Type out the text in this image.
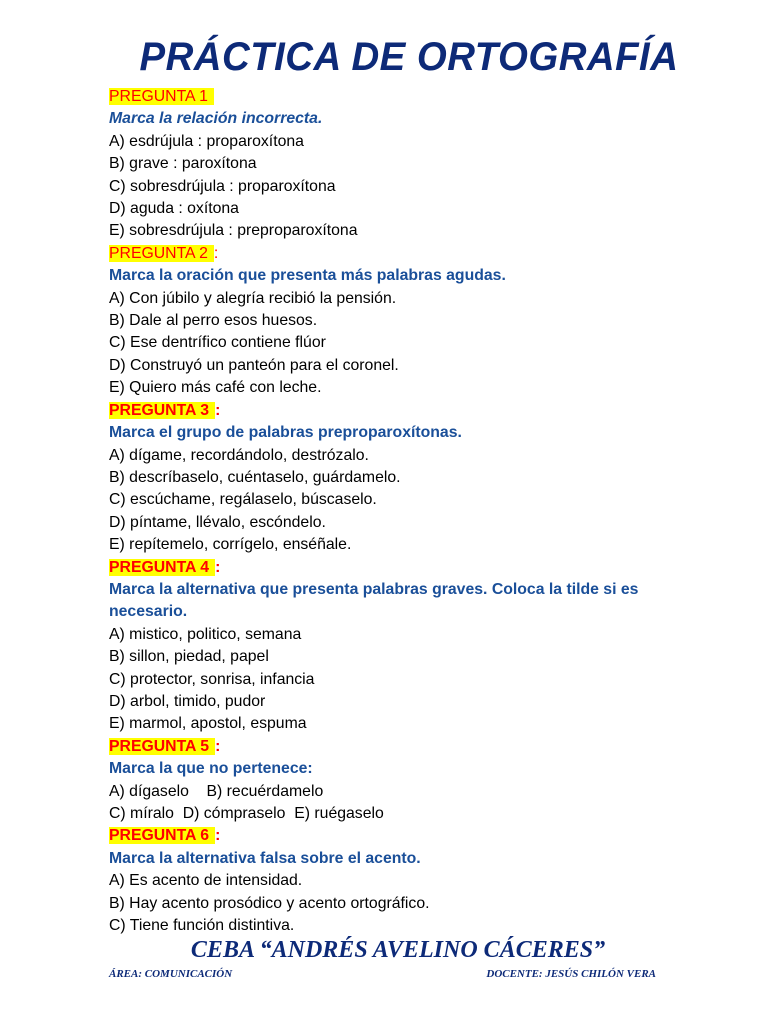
PRÁCTICA DE ORTOGRAFÍA
PREGUNTA 1
Marca la relación incorrecta.
A) esdrújula : proparoxítona
B) grave : paroxítona
C) sobresdrújula : proparoxítona
D) aguda : oxítona
E) sobresdrújula : preproparoxítona
PREGUNTA 2 :
Marca la oración que presenta más palabras agudas.
A) Con júbilo y alegría recibió la pensión.
B) Dale al perro esos huesos.
C) Ese dentrífico contiene flúor
D) Construyó un panteón para el coronel.
E) Quiero más café con leche.
PREGUNTA 3 :
Marca el grupo de palabras preproparoxítonas.
A) dígame, recordándolo, destrózalo.
B) descríbaselo, cuéntaselo, guárdamelo.
C) escúchame, regálaselo, búscaselo.
D) píntame, llévalo, escóndelo.
E) repítemelo, corrígelo, enséñale.
PREGUNTA 4 :
Marca la alternativa que presenta palabras graves. Coloca la tilde si es necesario.
A) mistico, politico, semana
B) sillon, piedad, papel
C) protector, sonrisa, infancia
D) arbol, timido, pudor
E) marmol, apostol, espuma
PREGUNTA 5 :
Marca la que no pertenece:
A) dígaselo    B) recuérdamelo
C) míralo  D) cómpraselo  E) ruégaselo
PREGUNTA 6 :
Marca la alternativa falsa sobre el acento.
A) Es acento de intensidad.
B) Hay acento prosódico y acento ortográfico.
C) Tiene función distintiva.
CEBA “ANDRÉS AVELINO CÁCERES”
ÁREA: COMUNICACIÓN	DOCENTE: JESÚS CHILÓN VERA
